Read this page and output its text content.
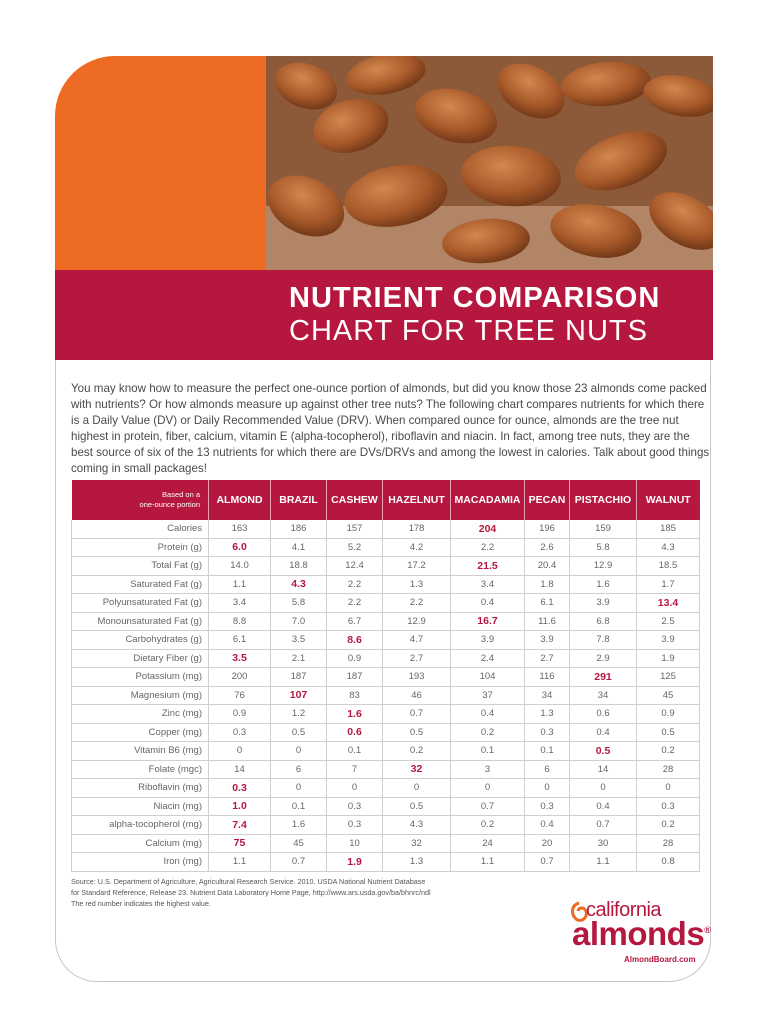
NUTRIENT COMPARISON
CHART FOR TREE NUTS

You may know how to measure the perfect one-ounce portion of almonds, but did you know those 23 almonds come packed with nutrients? Or how almonds measure up against other tree nuts? The following chart compares nutrients for which there is a Daily Value (DV) or Daily Recommended Value (DRV). When compared ounce for ounce, almonds are the tree nut highest in protein, fiber, calcium, vitamin E (alpha-tocopherol), riboflavin and niacin. In fact, among tree nuts, they are the best source of six of the 13 nutrients for which there are DVs/DRVs and among the lowest in calories. Talk about good things coming in small packages!

Based on a
one-ounce portion	ALMOND	BRAZIL	CASHEW	HAZELNUT	MACADAMIA	PECAN	PISTACHIO	WALNUT
Calories	163	186	157	178	204	196	159	185
Protein (g)	6.0	4.1	5.2	4.2	2.2	2.6	5.8	4.3
Total Fat (g)	14.0	18.8	12.4	17.2	21.5	20.4	12.9	18.5
Saturated Fat (g)	1.1	4.3	2.2	1.3	3.4	1.8	1.6	1.7
Polyunsaturated Fat (g)	3.4	5.8	2.2	2.2	0.4	6.1	3.9	13.4
Monounsaturated Fat (g)	8.8	7.0	6.7	12.9	16.7	11.6	6.8	2.5
Carbohydrates (g)	6.1	3.5	8.6	4.7	3.9	3.9	7.8	3.9
Dietary Fiber (g)	3.5	2.1	0.9	2.7	2.4	2.7	2.9	1.9
Potassium (mg)	200	187	187	193	104	116	291	125
Magnesium (mg)	76	107	83	46	37	34	34	45
Zinc (mg)	0.9	1.2	1.6	0.7	0.4	1.3	0.6	0.9
Copper (mg)	0.3	0.5	0.6	0.5	0.2	0.3	0.4	0.5
Vitamin B6 (mg)	0	0	0.1	0.2	0.1	0.1	0.5	0.2
Folate (mgc)	14	6	7	32	3	6	14	28
Riboflavin (mg)	0.3	0	0	0	0	0	0	0
Niacin (mg)	1.0	0.1	0.3	0.5	0.7	0.3	0.4	0.3
alpha-tocopherol (mg)	7.4	1.6	0.3	4.3	0.2	0.4	0.7	0.2
Calcium (mg)	75	45	10	32	24	20	30	28
Iron (mg)	1.1	0.7	1.9	1.3	1.1	0.7	1.1	0.8
Source: U.S. Department of Agriculture, Agricultural Research Service. 2010. USDA National Nutrient Database
for Standard Reference, Release 23. Nutrient Data Laboratory Home Page, http://www.ars.usda.gov/ba/bhnrc/ndl
The red number indicates the highest value.	california
almonds®
AlmondBoard.com
